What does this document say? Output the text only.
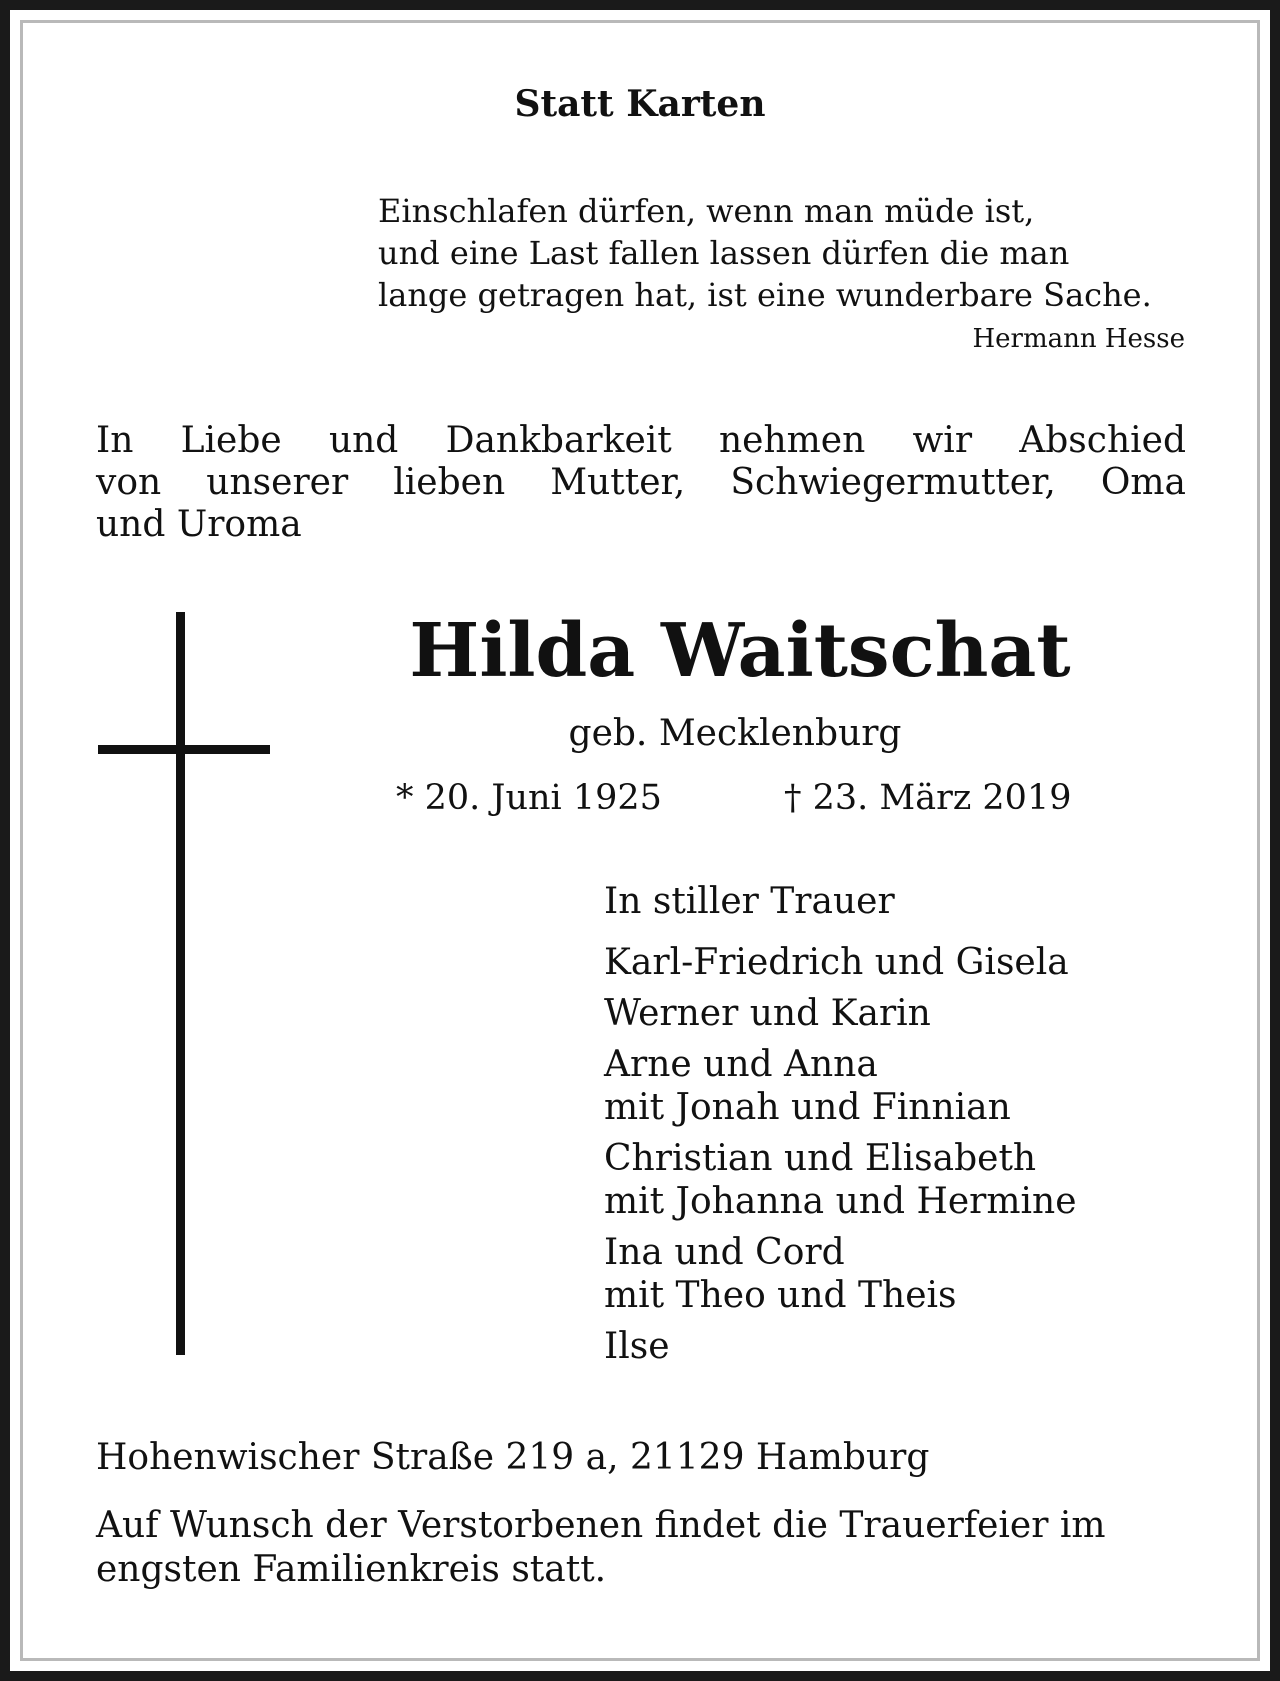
Statt Karten

Einschlafen dürfen, wenn man müde ist,
und eine Last fallen lassen dürfen die man
lange getragen hat, ist eine wunderbare Sache.

Hermann Hesse

In Liebe und Dankbarkeit nehmen wir Abschied
von unserer lieben Mutter, Schwiegermutter, Oma
und Uroma
Hilda Waitschat

geb. Mecklenburg

* 20. Juni 1925	† 23. März 2019

In stiller Trauer
Karl-Friedrich und Gisela
Werner und Karin
Arne und Anna
mit Jonah und Finnian
Christian und Elisabeth
mit Johanna und Hermine
Ina und Cord
mit Theo und Theis
Ilse

Hohenwischer Straße 219 a, 21129 Hamburg

Auf Wunsch der Verstorbenen findet die Trauerfeier im
engsten Familienkreis statt.
